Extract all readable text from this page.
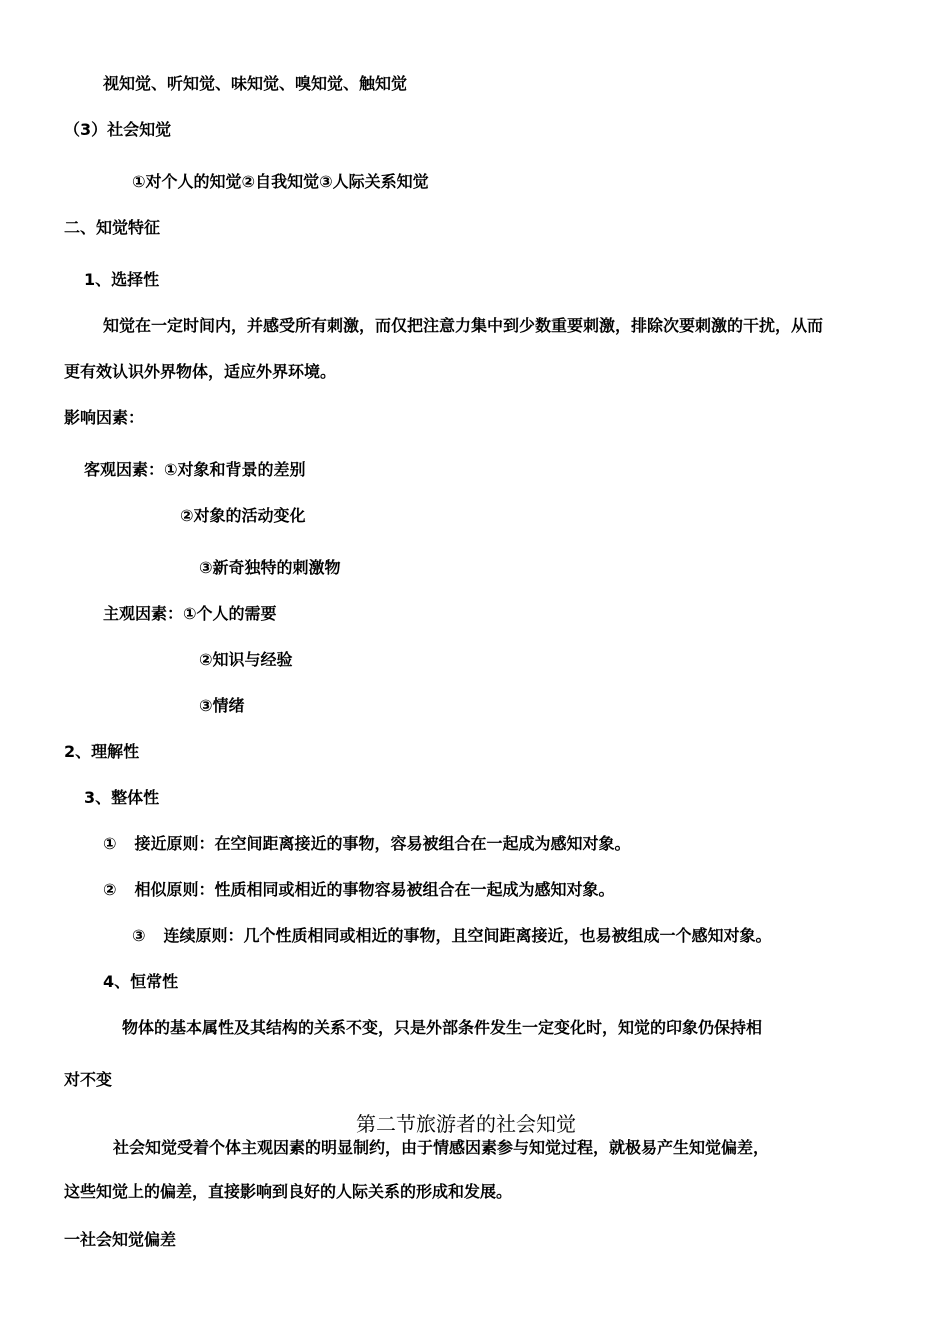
视知觉、听知觉、味知觉、嗅知觉、触知觉
（3）社会知觉
①对个人的知觉②自我知觉③人际关系知觉
二、知觉特征
1、选择性
知觉在一定时间内，并感受所有刺激，而仅把注意力集中到少数重要刺激，排除次要刺激的干扰，从而
更有效认识外界物体，适应外界环境。
影响因素：
客观因素：①对象和背景的差别
②对象的活动变化
③新奇独特的刺激物
主观因素：①个人的需要
②知识与经验
③情绪
2、理解性
3、整体性
① 接近原则：在空间距离接近的事物，容易被组合在一起成为感知对象。
② 相似原则：性质相同或相近的事物容易被组合在一起成为感知对象。
③ 连续原则：几个性质相同或相近的事物，且空间距离接近，也易被组成一个感知对象。
4、恒常性
物体的基本属性及其结构的关系不变，只是外部条件发生一定变化时，知觉的印象仍保持相
对不变
第二节旅游者的社会知觉
社会知觉受着个体主观因素的明显制约，由于情感因素参与知觉过程，就极易产生知觉偏差，
这些知觉上的偏差，直接影响到良好的人际关系的形成和发展。
一社会知觉偏差
